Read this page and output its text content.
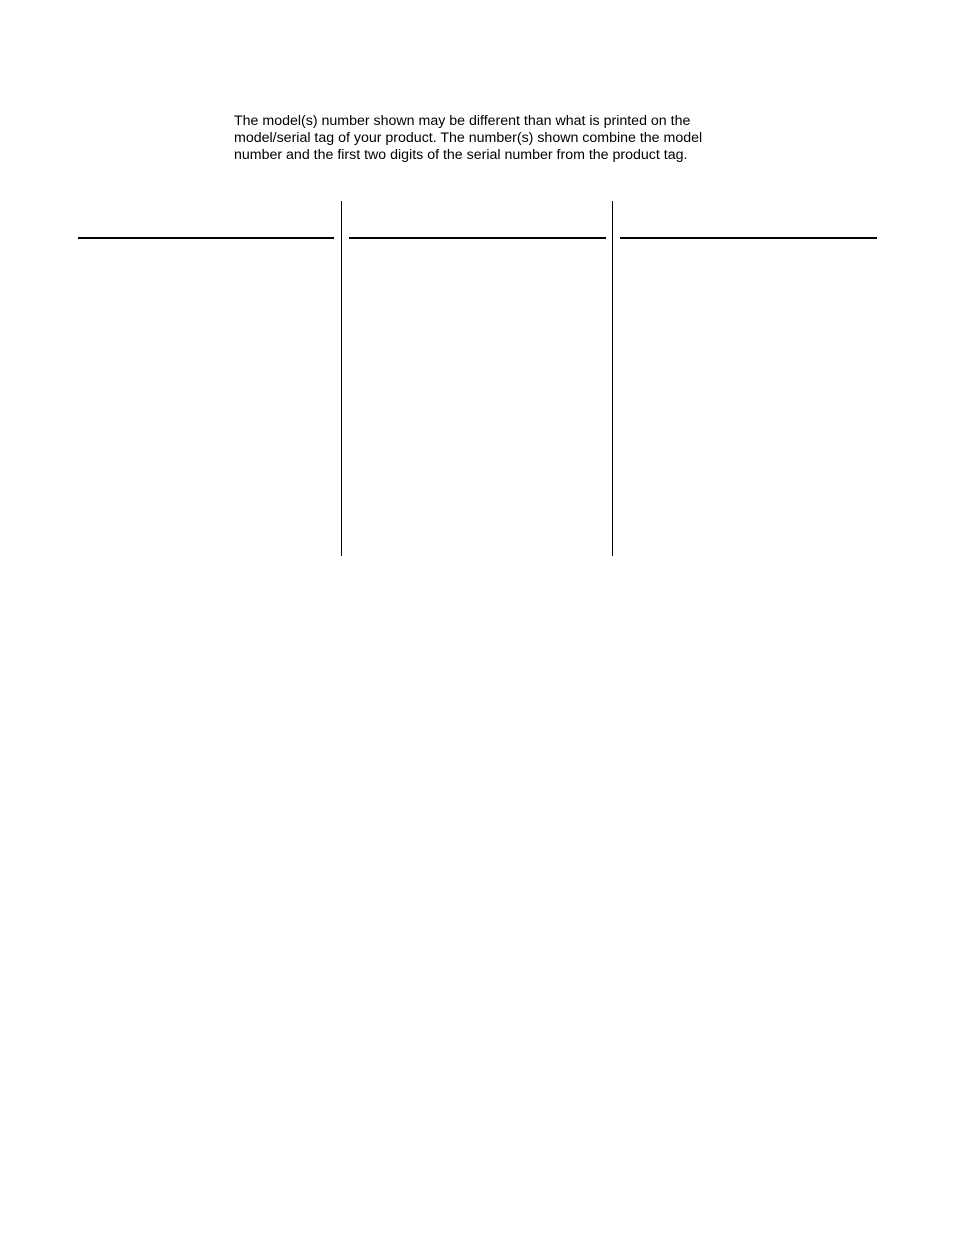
The model(s) number shown may be different than what is printed on the
model/serial tag of your product. The number(s) shown combine the model
number and the first two digits of the serial number from the product tag.
